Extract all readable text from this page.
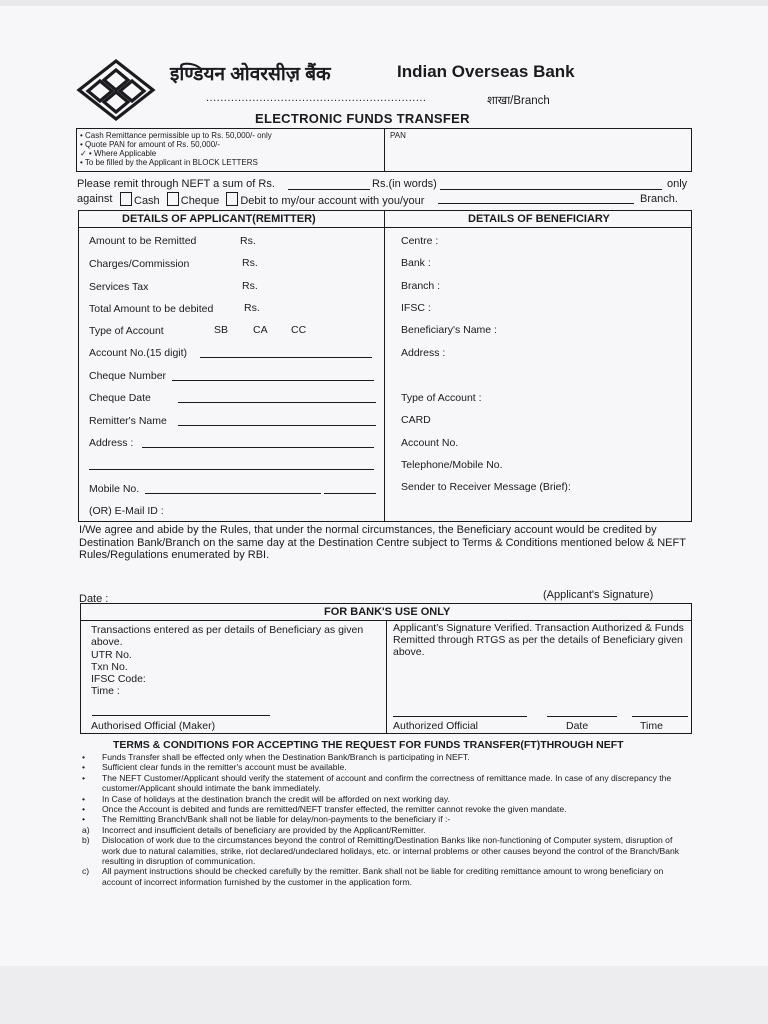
इण्डियन ओवरसीज़ बैंक	Indian Overseas Bank
..............................................................	शाखा/Branch
ELECTRONIC FUNDS TRANSFER
• Cash Remittance permissible up to Rs. 50,000/- only
• Quote PAN for amount of Rs. 50,000/-
✓ • Where Applicable
• To be filled by the Applicant in BLOCK LETTERS
PAN
Please remit through NEFT a sum of Rs.	Rs.(in words)	only
against	Cash Cheque Debit to my/our account with you/your	Branch.
DETAILS OF APPLICANT(REMITTER)	DETAILS OF BENEFICIARY
Amount to be Remitted	Rs.
Charges/Commission	Rs.
Services Tax	Rs.
Total Amount to be debited	Rs.
Type of Account	SB CA CC
Account No.(15 digit)
Cheque Number
Cheque Date
Remitter's Name
Address :
Mobile No.
(OR) E-Mail ID :
Centre :
Bank :
Branch :
IFSC :
Beneficiary's Name :
Address :
Type of Account :
CARD
Account No.
Telephone/Mobile No.
Sender to Receiver Message (Brief):
I/We agree and abide by the Rules, that under the normal circumstances, the Beneficiary account would be credited by Destination Bank/Branch on the same day at the Destination Centre subject to Terms & Conditions mentioned below & NEFT Rules/Regulations enumerated by RBI.
Date :	(Applicant's Signature)
FOR BANK'S USE ONLY
Transactions entered as per details of Beneficiary as given above.
UTR No.
Txn No.
IFSC Code:
Time :
Authorised Official (Maker)
Applicant's Signature Verified. Transaction Authorized & Funds Remitted through RTGS as per the details of Beneficiary given above.
Authorized Official	Date	Time
TERMS & CONDITIONS FOR ACCEPTING THE REQUEST FOR FUNDS TRANSFER(FT)THROUGH NEFT
• Funds Transfer shall be effected only when the Destination Bank/Branch is participating in NEFT.
• Sufficient clear funds in the remitter's account must be available.
• The NEFT Customer/Applicant should verify the statement of account and confirm the correctness of remittance made. In case of any discrepancy the customer/Applicant should intimate the bank immediately.
• In Case of holidays at the destination branch the credit will be afforded on next working day.
• Once the Account is debited and funds are remitted/NEFT transfer effected, the remitter cannot revoke the given mandate.
• The Remitting Branch/Bank shall not be liable for delay/non-payments to the beneficiary if :-
a) Incorrect and insufficient details of beneficiary are provided by the Applicant/Remitter.
b) Dislocation of work due to the circumstances beyond the control of Remitting/Destination Banks like non-functioning of Computer system, disruption of work due to natural calamities, strike, riot declared/undeclared holidays, etc. or internal problems or other causes beyond the control of the Branch/Bank resulting in disruption of communication.
c) All payment instructions should be checked carefully by the remitter. Bank shall not be liable for crediting remittance amount to wrong beneficiary on account of incorrect information furnished by the customer in the application form.
